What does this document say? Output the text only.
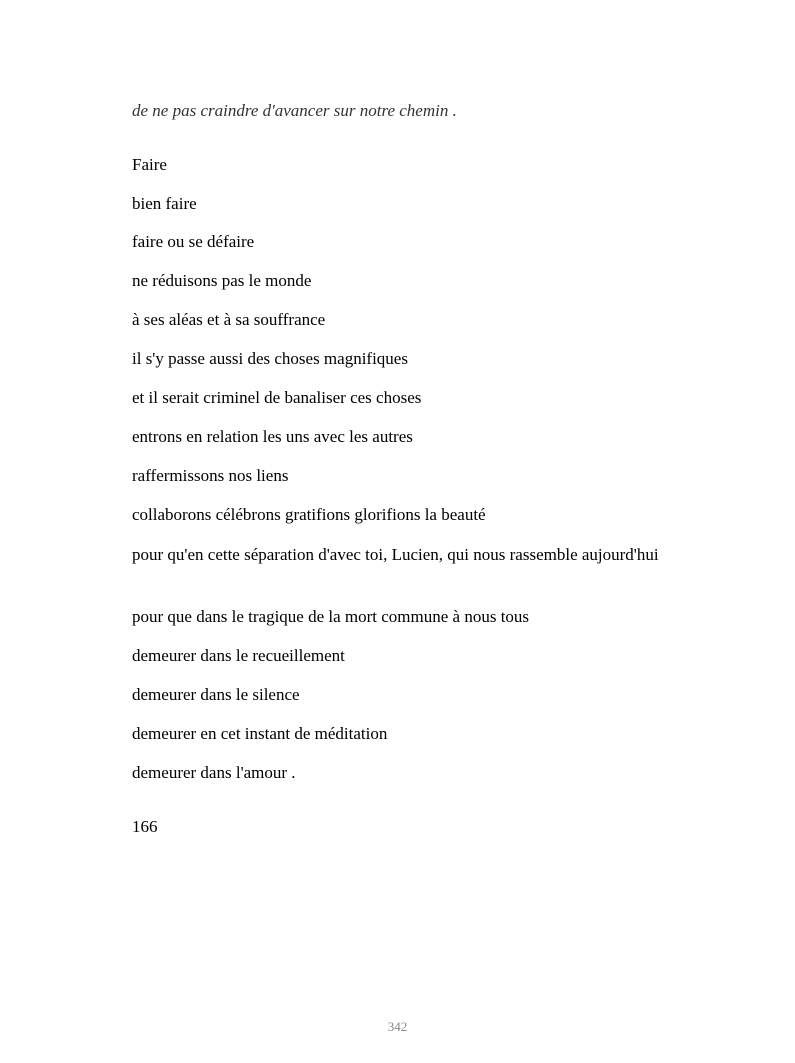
de ne pas craindre d'avancer sur notre chemin .
Faire
bien faire
faire ou se défaire
ne réduisons pas le monde
à ses aléas et à sa souffrance
il s'y passe aussi des choses magnifiques
et il serait criminel de banaliser ces choses
entrons en relation les uns avec les autres
raffermissons nos liens
collaborons célébrons gratifions glorifions la beauté
pour qu'en cette séparation d'avec toi, Lucien, qui nous rassemble aujourd'hui
pour que dans le tragique de la mort commune à nous tous
demeurer dans le recueillement
demeurer dans le silence
demeurer en cet instant de méditation
demeurer dans l'amour .
166
342
